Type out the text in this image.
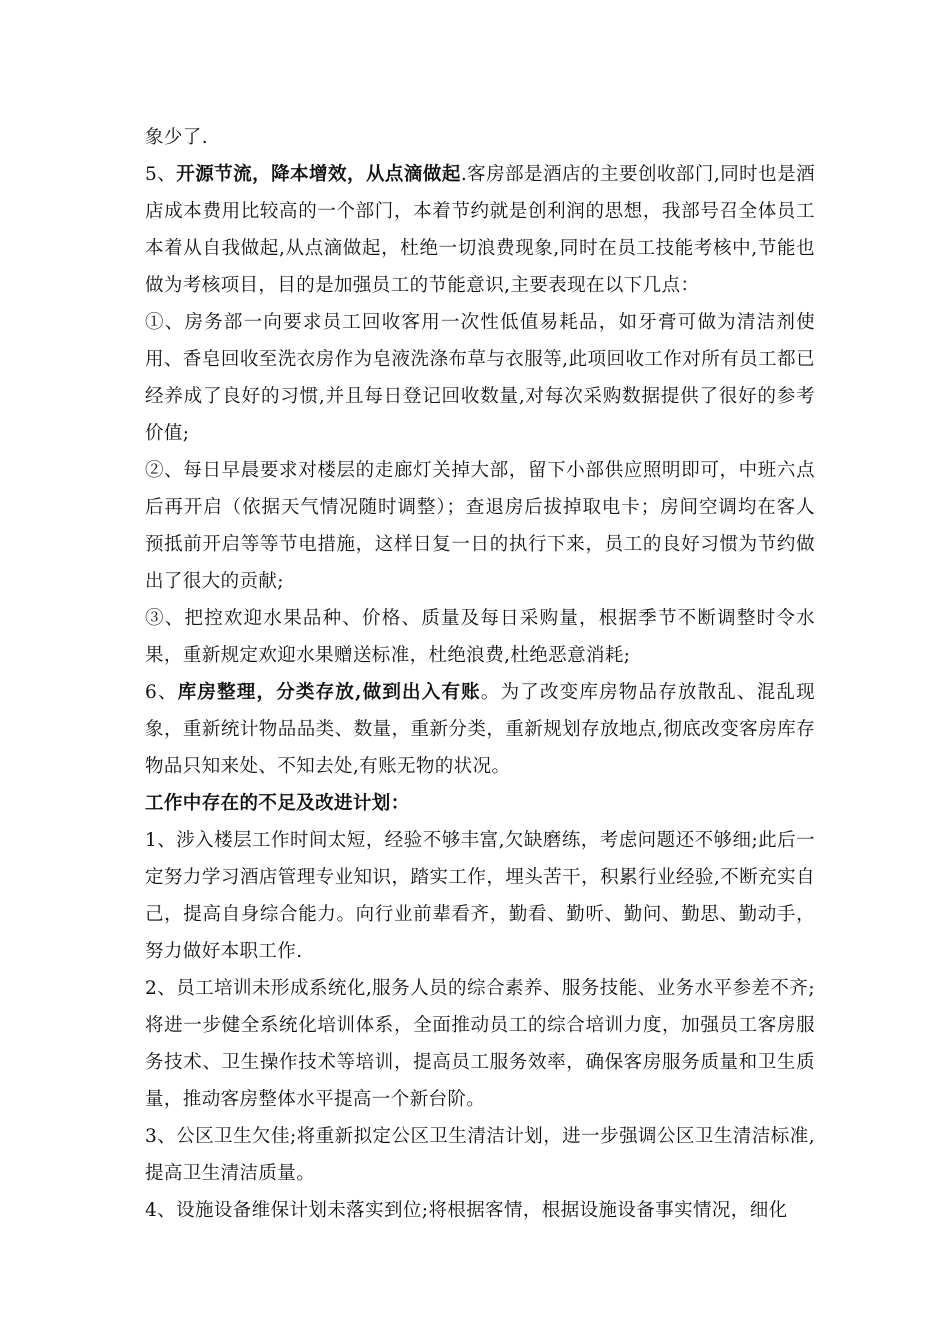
象少了.

5、开源节流，降本增效，从点滴做起.客房部是酒店的主要创收部门,同时也是酒店成本费用比较高的一个部门，本着节约就是创利润的思想，我部号召全体员工本着从自我做起,从点滴做起，杜绝一切浪费现象,同时在员工技能考核中,节能也做为考核项目，目的是加强员工的节能意识,主要表现在以下几点：

①、房务部一向要求员工回收客用一次性低值易耗品，如牙膏可做为清洁剂使用、香皂回收至洗衣房作为皂液洗涤布草与衣服等,此项回收工作对所有员工都已经养成了良好的习惯,并且每日登记回收数量,对每次采购数据提供了很好的参考价值;

②、每日早晨要求对楼层的走廊灯关掉大部，留下小部供应照明即可，中班六点后再开启（依据天气情况随时调整）；查退房后拔掉取电卡；房间空调均在客人预抵前开启等等节电措施，这样日复一日的执行下来，员工的良好习惯为节约做出了很大的贡献;

③、把控欢迎水果品种、价格、质量及每日采购量，根据季节不断调整时令水果，重新规定欢迎水果赠送标准，杜绝浪费,杜绝恶意消耗;

6、库房整理，分类存放,做到出入有账。为了改变库房物品存放散乱、混乱现象，重新统计物品品类、数量，重新分类，重新规划存放地点,彻底改变客房库存物品只知来处、不知去处,有账无物的状况。

工作中存在的不足及改进计划：

1、涉入楼层工作时间太短，经验不够丰富,欠缺磨练，考虑问题还不够细;此后一定努力学习酒店管理专业知识，踏实工作，埋头苦干，积累行业经验,不断充实自己，提高自身综合能力。向行业前辈看齐，勤看、勤听、勤问、勤思、勤动手，努力做好本职工作.

2、员工培训未形成系统化,服务人员的综合素养、服务技能、业务水平参差不齐;将进一步健全系统化培训体系，全面推动员工的综合培训力度，加强员工客房服务技术、卫生操作技术等培训，提高员工服务效率，确保客房服务质量和卫生质量，推动客房整体水平提高一个新台阶。

3、公区卫生欠佳;将重新拟定公区卫生清洁计划，进一步强调公区卫生清洁标准,提高卫生清洁质量。

4、设施设备维保计划未落实到位;将根据客情，根据设施设备事实情况，细化
